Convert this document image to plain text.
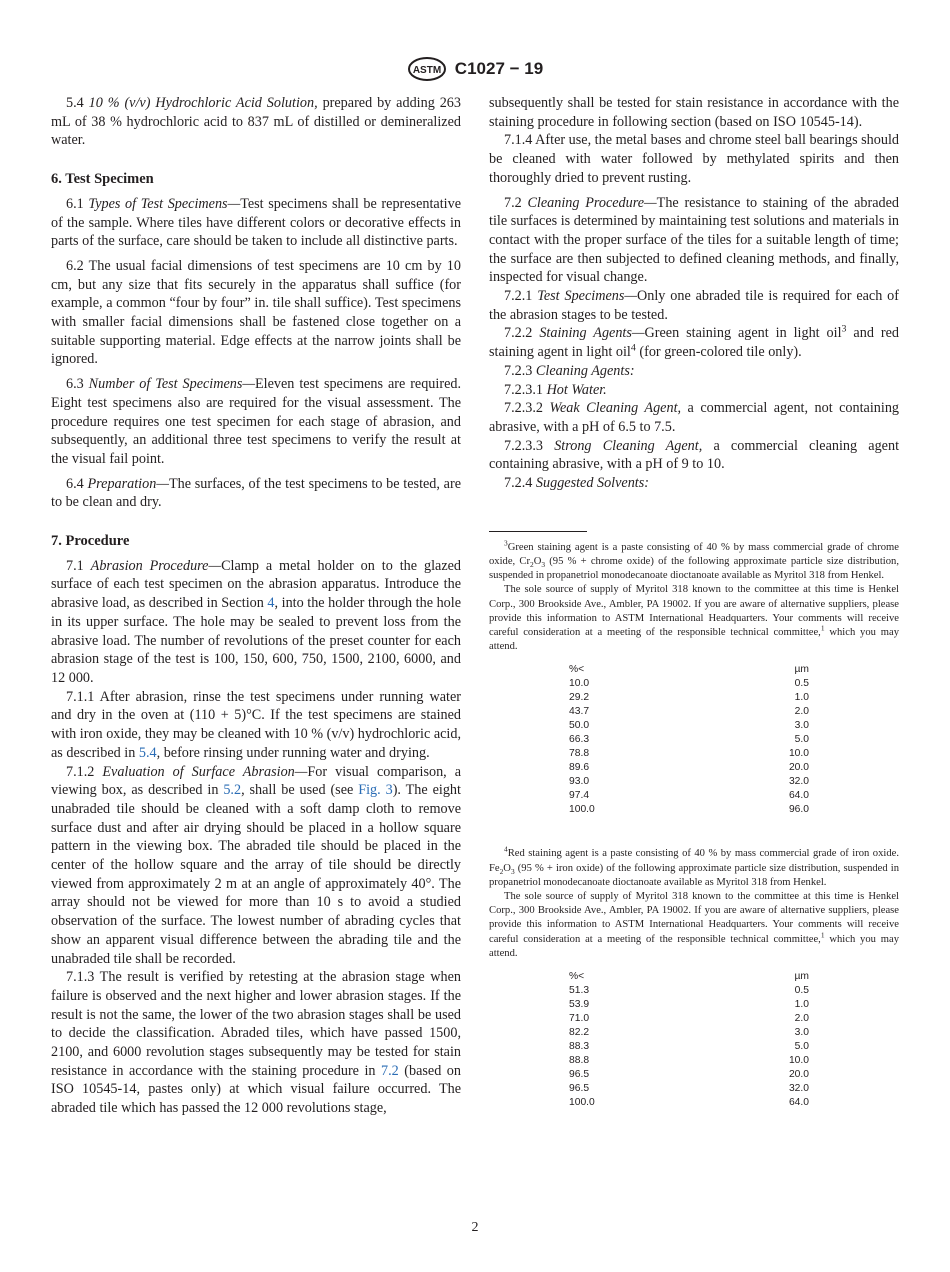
ASTM C1027 − 19

5.4 10 % (v/v) Hydrochloric Acid Solution, prepared by adding 263 mL of 38 % hydrochloric acid to 837 mL of distilled or demineralized water.

6. Test Specimen

6.1 Types of Test Specimens—Test specimens shall be representative of the sample. Where tiles have different colors or decorative effects in parts of the surface, care should be taken to include all distinctive parts.

6.2 The usual facial dimensions of test specimens are 10 cm by 10 cm, but any size that fits securely in the apparatus shall suffice (for example, a common “four by four” in. tile shall suffice). Test specimens with smaller facial dimensions shall be fastened close together on a suitable supporting material. Edge effects at the narrow joints shall be ignored.

6.3 Number of Test Specimens—Eleven test specimens are required. Eight test specimens also are required for the visual assessment. The procedure requires one test specimen for each stage of abrasion, and subsequently, an additional three test specimens to verify the result at the visual fail point.

6.4 Preparation—The surfaces, of the test specimens to be tested, are to be clean and dry.

7. Procedure

7.1 Abrasion Procedure—Clamp a metal holder on to the glazed surface of each test specimen on the abrasion apparatus. Introduce the abrasive load, as described in Section 4, into the holder through the hole in its upper surface. The hole may be sealed to prevent loss from the abrasive load. The number of revolutions of the preset counter for each abrasion stage of the test is 100, 150, 600, 750, 1500, 2100, 6000, and 12 000.

7.1.1 After abrasion, rinse the test specimens under running water and dry in the oven at (110 + 5)°C. If the test specimens are stained with iron oxide, they may be cleaned with 10 % (v/v) hydrochloric acid, as described in 5.4, before rinsing under running water and drying.

7.1.2 Evaluation of Surface Abrasion—For visual comparison, a viewing box, as described in 5.2, shall be used (see Fig. 3). The eight unabraded tile should be cleaned with a soft damp cloth to remove surface dust and after air drying should be placed in a hollow square pattern in the viewing box. The abraded tile should be placed in the center of the hollow square and the array of tile should be directly viewed from approximately 2 m at an angle of approximately 40°. The array should not be viewed for more than 10 s to avoid a studied observation of the surface. The lowest number of abrading cycles that show an apparent visual difference between the abrading tile and the unabraded tile shall be recorded.

7.1.3 The result is verified by retesting at the abrasion stage when failure is observed and the next higher and lower abrasion stages. If the result is not the same, the lower of the two abrasion stages shall be used to decide the classification. Abraded tiles, which have passed 1500, 2100, and 6000 revolution stages subsequently may be tested for stain resistance in accordance with the staining procedure in 7.2 (based on ISO 10545-14, pastes only) at which visual failure occurred. The abraded tile which has passed the 12 000 revolutions stage,

subsequently shall be tested for stain resistance in accordance with the staining procedure in following section (based on ISO 10545-14).

7.1.4 After use, the metal bases and chrome steel ball bearings should be cleaned with water followed by methylated spirits and then thoroughly dried to prevent rusting.

7.2 Cleaning Procedure—The resistance to staining of the abraded tile surfaces is determined by maintaining test solutions and materials in contact with the proper surface of the tiles for a suitable length of time; the surface are then subjected to defined cleaning methods, and finally, inspected for visual change.

7.2.1 Test Specimens—Only one abraded tile is required for each of the abrasion stages to be tested.

7.2.2 Staining Agents—Green staining agent in light oil$^3$ and red staining agent in light oil$^4$ (for green-colored tile only).

7.2.3 Cleaning Agents:

7.2.3.1 Hot Water.

7.2.3.2 Weak Cleaning Agent, a commercial agent, not containing abrasive, with a pH of 6.5 to 7.5.

7.2.3.3 Strong Cleaning Agent, a commercial cleaning agent containing abrasive, with a pH of 9 to 10.

7.2.4 Suggested Solvents:

$^3$Green staining agent is a paste consisting of 40 % by mass commercial grade of chrome oxide, $Cr_2O_3$ (95 % + chrome oxide) of the following approximate particle size distribution, suspended in propanetriol monodecanoate dioctanoate available as Myritol 318 from Henkel.

The sole source of supply of Myritol 318 known to the committee at this time is Henkel Corp., 300 Brookside Ave., Ambler, PA 19002. If you are aware of alternative suppliers, please provide this information to ASTM International Headquarters. Your comments will receive careful consideration at a meeting of the responsible technical committee,$^1$ which you may attend.

%<	µm
10.0	0.5
29.2	1.0
43.7	2.0
50.0	3.0
66.3	5.0
78.8	10.0
89.6	20.0
93.0	32.0
97.4	64.0
100.0	96.0

$^4$Red staining agent is a paste consisting of 40 % by mass commercial grade of iron oxide. $Fe_2O_3$ (95 % + iron oxide) of the following approximate particle size distribution, suspended in propanetriol monodecanoate dioctanoate available as Myritol 318 from Henkel.

The sole source of supply of Myritol 318 known to the committee at this time is Henkel Corp., 300 Brookside Ave., Ambler, PA 19002. If you are aware of alternative suppliers, please provide this information to ASTM International Headquarters. Your comments will receive careful consideration at a meeting of the responsible technical committee,$^1$ which you may attend.

%<	µm
51.3	0.5
53.9	1.0
71.0	2.0
82.2	3.0
88.3	5.0
88.8	10.0
96.5	20.0
96.5	32.0
100.0	64.0
2
